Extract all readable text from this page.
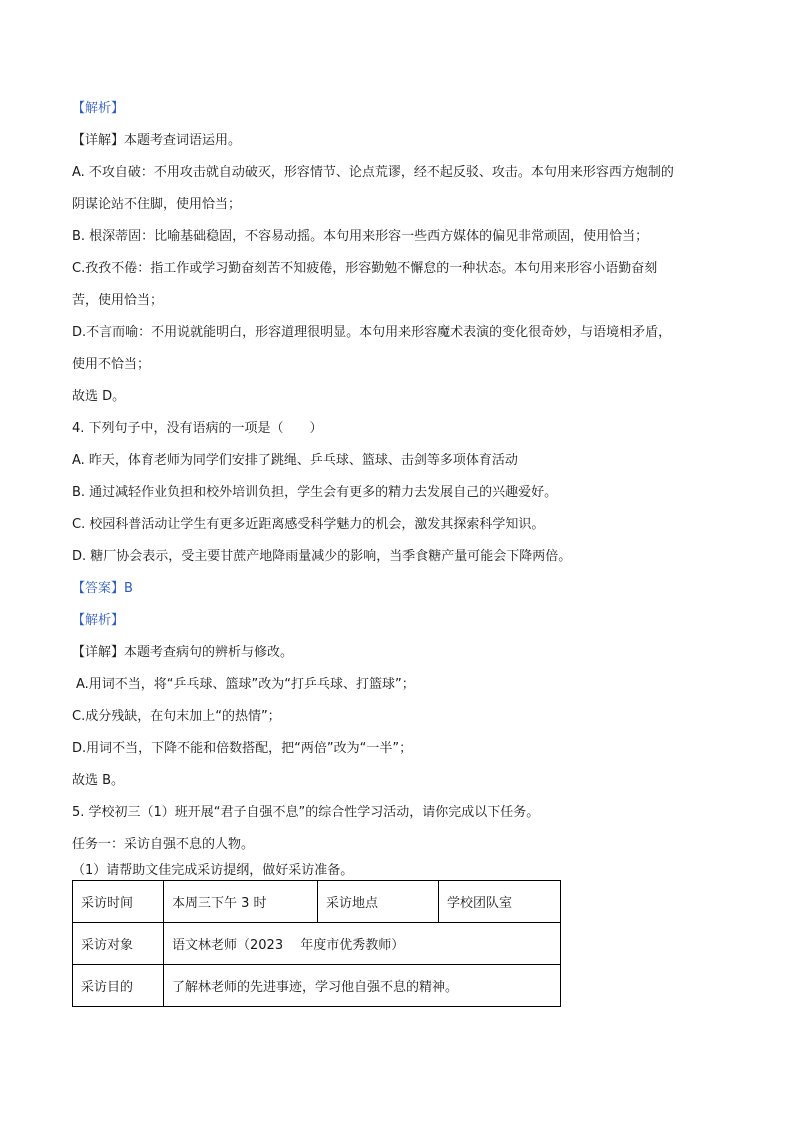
【解析】
【详解】本题考查词语运用。
A. 不攻自破：不用攻击就自动破灭，形容情节、论点荒谬，经不起反驳、攻击。本句用来形容西方炮制的
阴谋论站不住脚，使用恰当；
B. 根深蒂固：比喻基础稳固，不容易动摇。本句用来形容一些西方媒体的偏见非常顽固，使用恰当；
C.孜孜不倦：指工作或学习勤奋刻苦不知疲倦，形容勤勉不懈怠的一种状态。本句用来形容小语勤奋刻
苦，使用恰当；
D.不言而喻：不用说就能明白，形容道理很明显。本句用来形容魔术表演的变化很奇妙，与语境相矛盾，
使用不恰当；
故选 D。
4. 下列句子中，没有语病的一项是（　　）
A. 昨天，体育老师为同学们安排了跳绳、乒乓球、篮球、击剑等多项体育活动
B. 通过减轻作业负担和校外培训负担，学生会有更多的精力去发展自己的兴趣爱好。
C. 校园科普活动让学生有更多近距离感受科学魅力的机会，激发其探索科学知识。
D. 糖厂协会表示，受主要甘蔗产地降雨量减少的影响，当季食糖产量可能会下降两倍。
【答案】B
【解析】
【详解】本题考查病句的辨析与修改。
A.用词不当，将“乒乓球、篮球”改为“打乒乓球、打篮球”；
C.成分残缺，在句末加上“的热情”；
D.用词不当，下降不能和倍数搭配，把“两倍”改为“一半”；
故选 B。
5. 学校初三（1）班开展“君子自强不息”的综合性学习活动，请你完成以下任务。
任务一：采访自强不息的人物。
（1）请帮助文佳完成采访提纲，做好采访准备。
采访时间	本周三下午 3 时	采访地点	学校团队室
采访对象	语文林老师（2023　 年度市优秀教师）		
采访目的	了解林老师的先进事迹，学习他自强不息的精神。		
